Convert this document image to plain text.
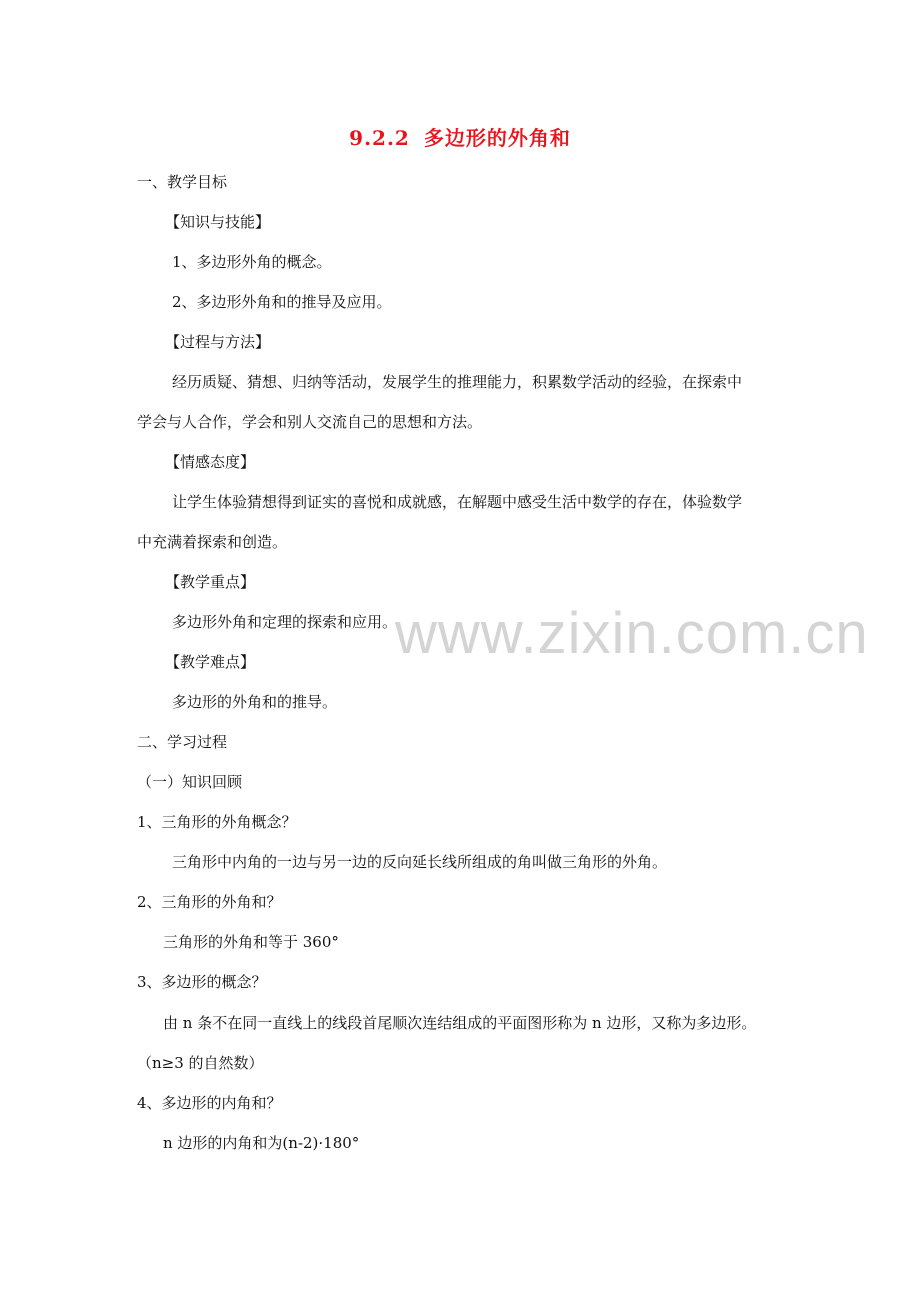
9.2.2 多边形的外角和
一、教学目标
【知识与技能】
1、多边形外角的概念。
2、多边形外角和的推导及应用。
【过程与方法】
经历质疑、猜想、归纳等活动，发展学生的推理能力，积累数学活动的经验，在探索中
学会与人合作，学会和别人交流自己的思想和方法。
【情感态度】
让学生体验猜想得到证实的喜悦和成就感，在解题中感受生活中数学的存在，体验数学
中充满着探索和创造。
【教学重点】
多边形外角和定理的探索和应用。
【教学难点】
多边形的外角和的推导。
二、学习过程
（一）知识回顾
1、三角形的外角概念？
三角形中内角的一边与另一边的反向延长线所组成的角叫做三角形的外角。
2、三角形的外角和？
三角形的外角和等于 360°
3、多边形的概念？
由 n 条不在同一直线上的线段首尾顺次连结组成的平面图形称为 n 边形，又称为多边形。
（n≥3 的自然数）
4、多边形的内角和？
n 边形的内角和为(n-2)·180°
www.zixin.com.cn
